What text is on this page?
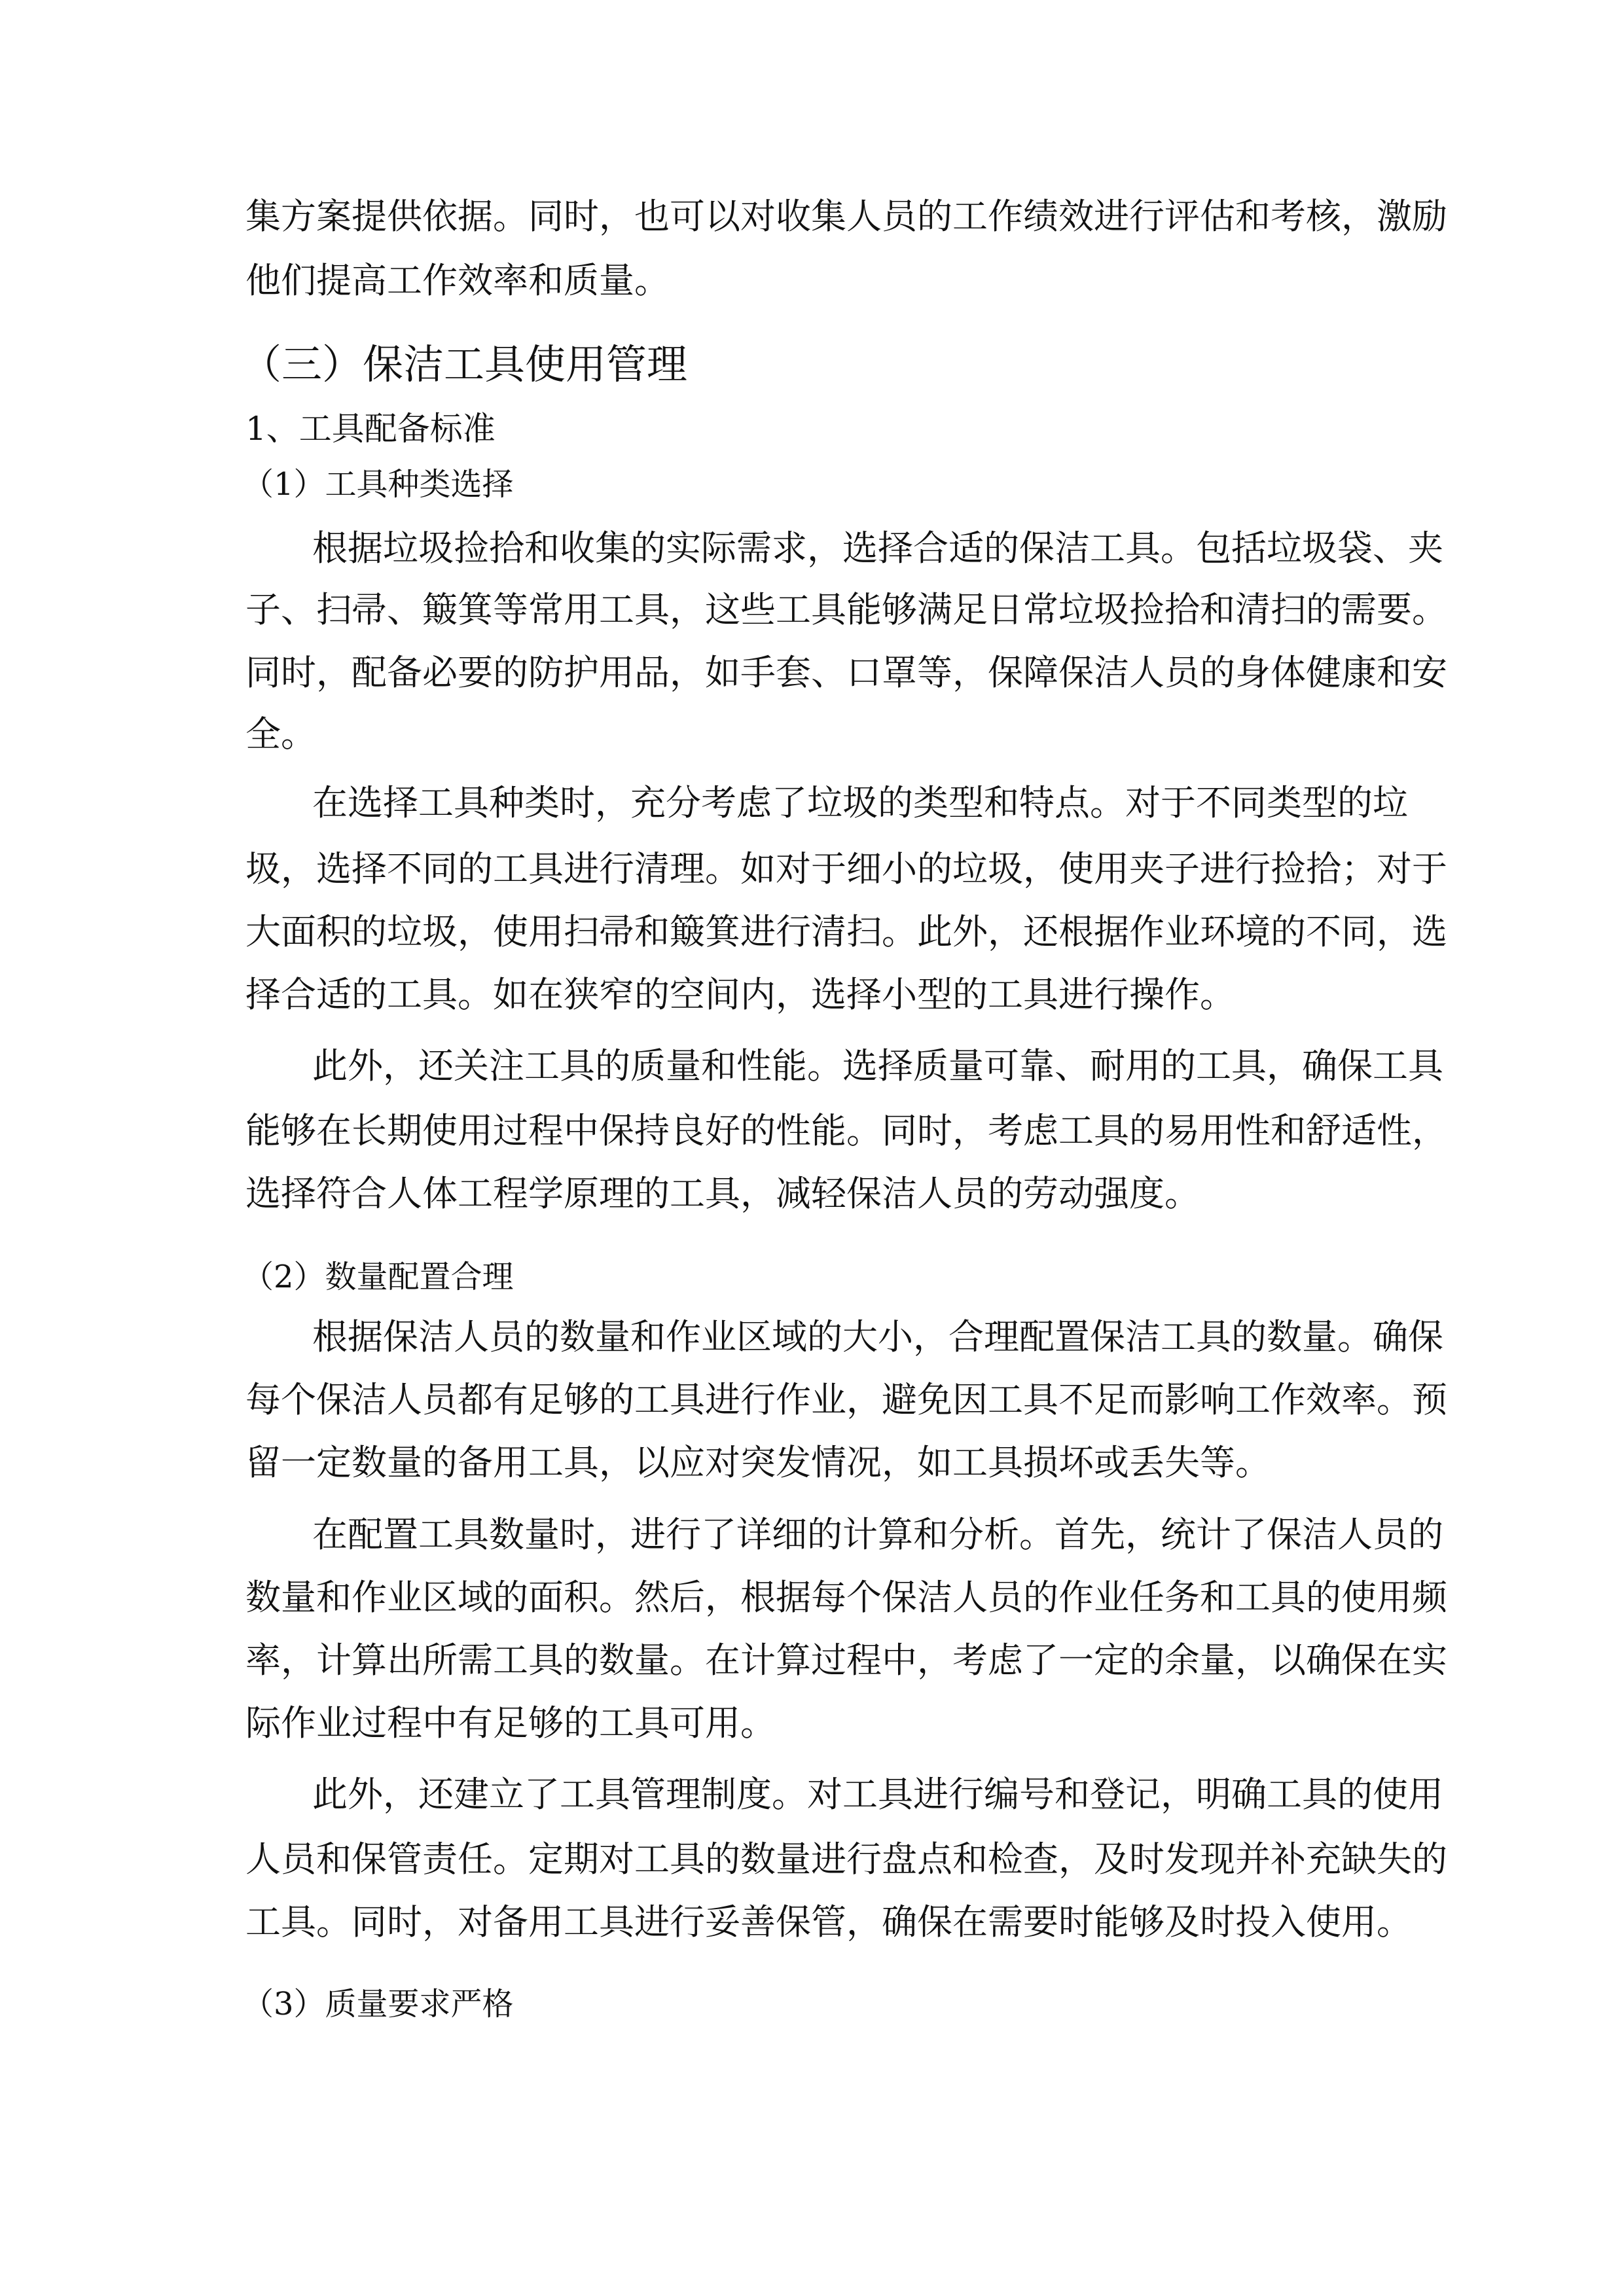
集方案提供依据。同时，也可以对收集人员的工作绩效进行评估和考核，激励
他们提高工作效率和质量。
（三）保洁工具使用管理
1、工具配备标准
（1）工具种类选择
根据垃圾捡拾和收集的实际需求，选择合适的保洁工具。包括垃圾袋、夹
子、扫帚、簸箕等常用工具，这些工具能够满足日常垃圾捡拾和清扫的需要。
同时，配备必要的防护用品，如手套、口罩等，保障保洁人员的身体健康和安
全。
在选择工具种类时，充分考虑了垃圾的类型和特点。对于不同类型的垃
圾，选择不同的工具进行清理。如对于细小的垃圾，使用夹子进行捡拾；对于
大面积的垃圾，使用扫帚和簸箕进行清扫。此外，还根据作业环境的不同，选
择合适的工具。如在狭窄的空间内，选择小型的工具进行操作。
此外，还关注工具的质量和性能。选择质量可靠、耐用的工具，确保工具
能够在长期使用过程中保持良好的性能。同时，考虑工具的易用性和舒适性，
选择符合人体工程学原理的工具，减轻保洁人员的劳动强度。
（2）数量配置合理
根据保洁人员的数量和作业区域的大小，合理配置保洁工具的数量。确保
每个保洁人员都有足够的工具进行作业，避免因工具不足而影响工作效率。预
留一定数量的备用工具，以应对突发情况，如工具损坏或丢失等。
在配置工具数量时，进行了详细的计算和分析。首先，统计了保洁人员的
数量和作业区域的面积。然后，根据每个保洁人员的作业任务和工具的使用频
率，计算出所需工具的数量。在计算过程中，考虑了一定的余量，以确保在实
际作业过程中有足够的工具可用。
此外，还建立了工具管理制度。对工具进行编号和登记，明确工具的使用
人员和保管责任。定期对工具的数量进行盘点和检查，及时发现并补充缺失的
工具。同时，对备用工具进行妥善保管，确保在需要时能够及时投入使用。
（3）质量要求严格
